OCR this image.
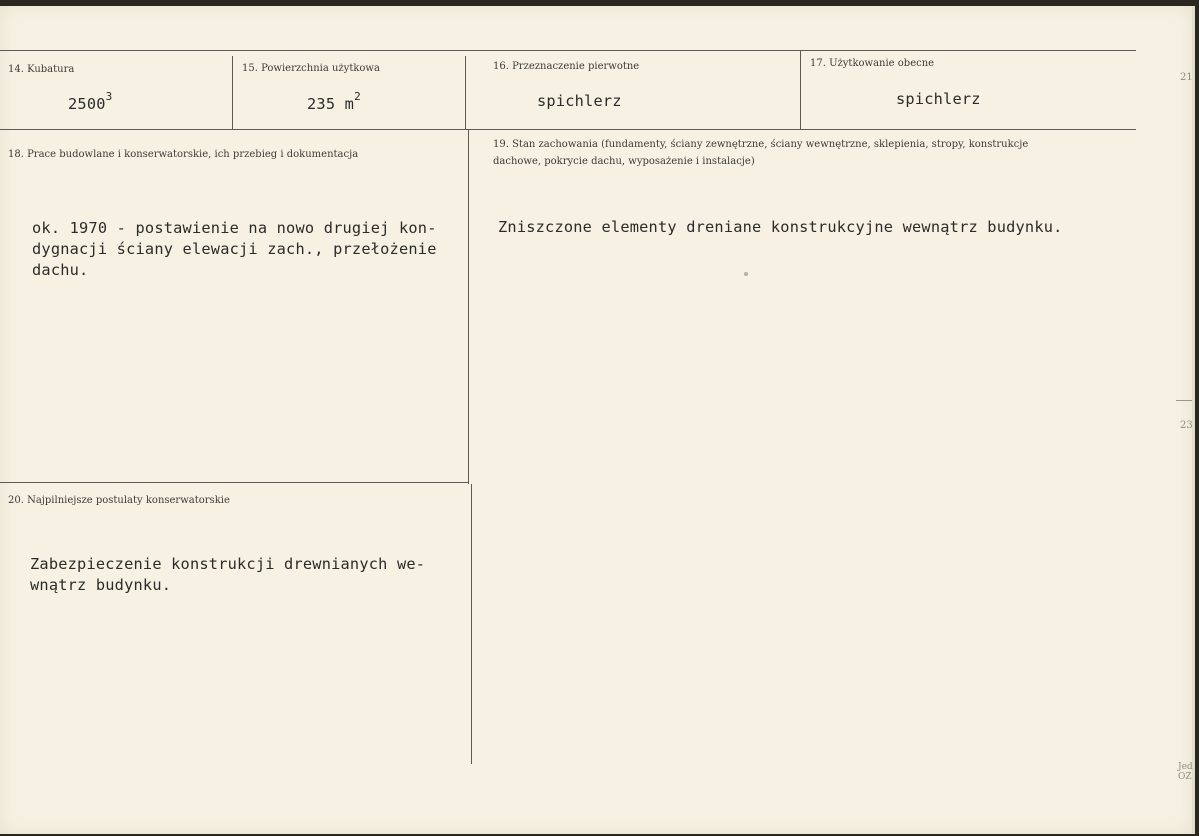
14. Kubatura
2500$^3$
15. Powierzchnia użytkowa
235 $m^2$
16. Przeznaczenie pierwotne
spichlerz
17. Użytkowanie obecne
spichlerz
18. Prace budowlane i konserwatorskie, ich przebieg i dokumentacja
ok. 1970 - postawienie na nowo drugiej kon-
dygnacji ściany elewacji zach., przełożenie
dachu.
19. Stan zachowania (fundamenty, ściany zewnętrzne, ściany wewnętrzne, sklepienia, stropy, konstrukcje dachowe, pokrycie dachu, wyposażenie i instalacje)
Zniszczone elementy dreniane konstrukcyjne wewnątrz budynku.
20. Najpilniejsze postulaty konserwatorskie
Zabezpieczenie konstrukcji drewnianych we-
wnątrz budynku.
21
23
Jed
OZ
